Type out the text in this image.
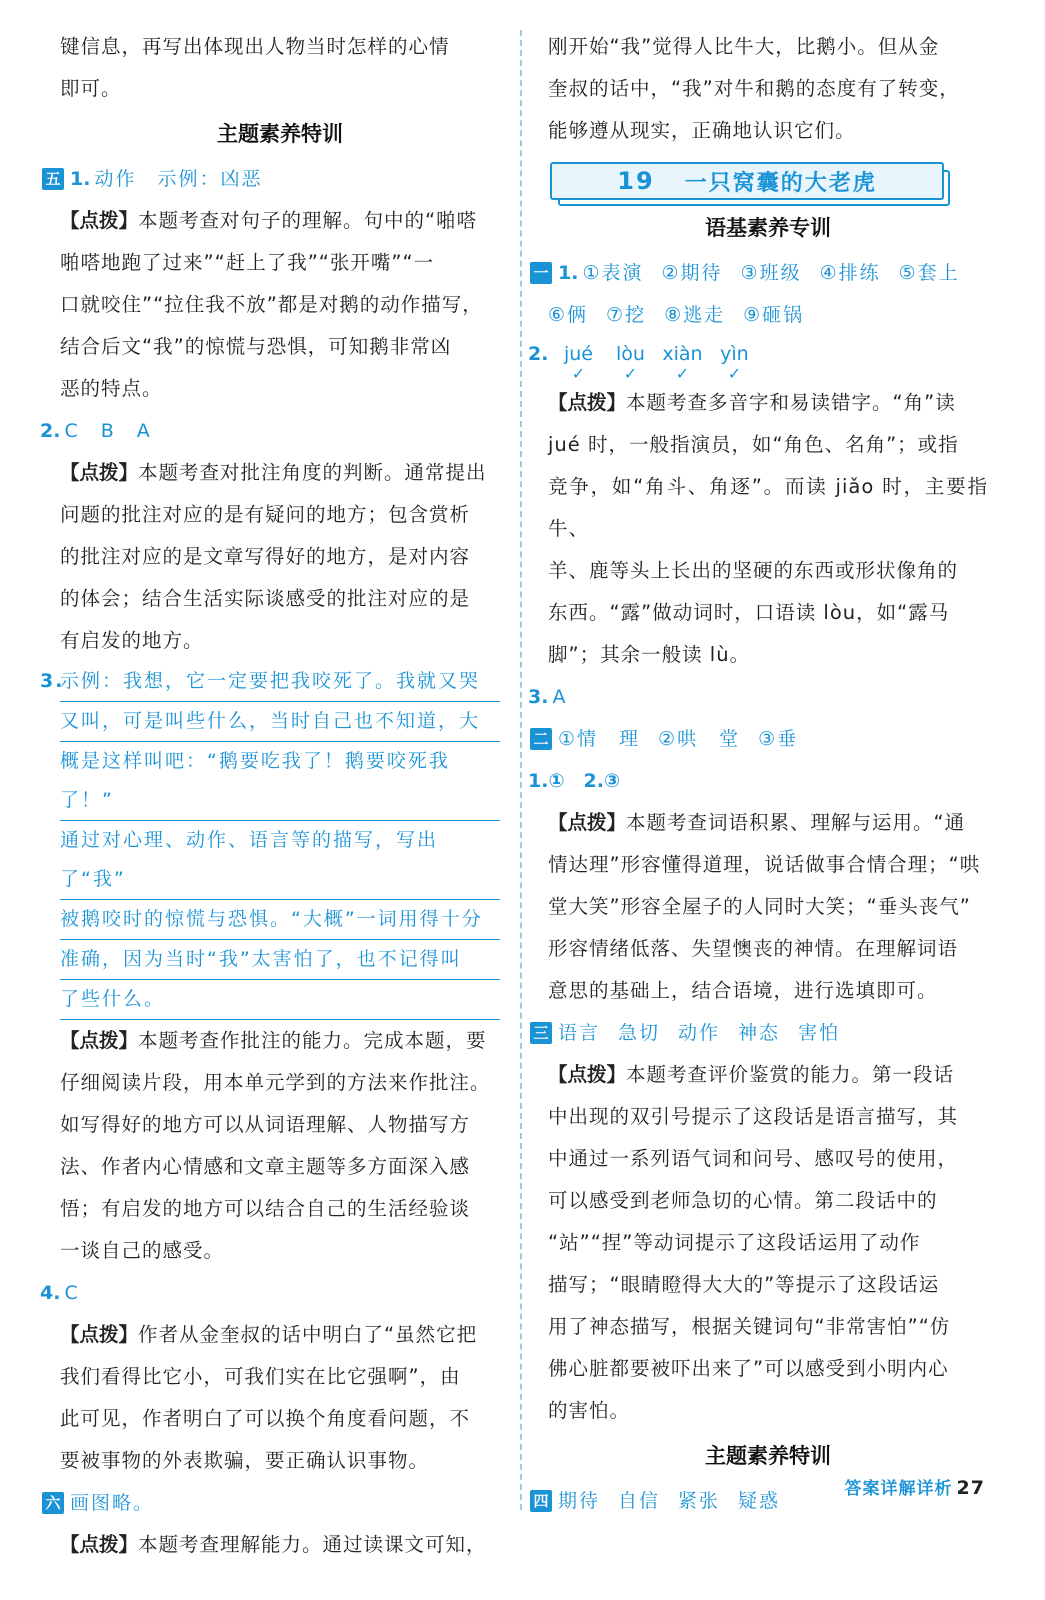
键信息，再写出体现出人物当时怎样的心情
即可。
主题素养特训
五 1. 动作　示例：凶恶
【点拨】本题考查对句子的理解。句中的“啪嗒
啪嗒地跑了过来”“赶上了我”“张开嘴”“一
口就咬住”“拉住我不放”都是对鹅的动作描写，
结合后文“我”的惊慌与恐惧，可知鹅非常凶
恶的特点。
2. C　B　A
【点拨】本题考查对批注角度的判断。通常提出
问题的批注对应的是有疑问的地方；包含赏析
的批注对应的是文章写得好的地方，是对内容
的体会；结合生活实际谈感受的批注对应的是
有启发的地方。
3.
示例：我想，它一定要把我咬死了。我就又哭
又叫，可是叫些什么，当时自己也不知道，大
概是这样叫吧：“鹅要吃我了！鹅要咬死我了！”
通过对心理、动作、语言等的描写，写出了“我”
被鹅咬时的惊慌与恐惧。“大概”一词用得十分
准确，因为当时“我”太害怕了，也不记得叫
了些什么。
【点拨】本题考查作批注的能力。完成本题，要
仔细阅读片段，用本单元学到的方法来作批注。
如写得好的地方可以从词语理解、人物描写方
法、作者内心情感和文章主题等多方面深入感
悟；有启发的地方可以结合自己的生活经验谈
一谈自己的感受。
4. C
【点拨】作者从金奎叔的话中明白了“虽然它把
我们看得比它小，可我们实在比它强啊”，由
此可见，作者明白了可以换个角度看问题，不
要被事物的外表欺骗，要正确认识事物。
六 画图略。
【点拨】本题考查理解能力。通过读课文可知，
刚开始“我”觉得人比牛大，比鹅小。但从金
奎叔的话中，“我”对牛和鹅的态度有了转变，
能够遵从现实，正确地认识它们。
19 一只窝囊的大老虎
语基素养专训
一 1. ①表演 ②期待 ③班级 ④排练 ⑤套上
⑥俩 ⑦挖 ⑧逃走 ⑨砸锅
2. jué
✓
lòu
✓
xiàn
✓
yìn
✓
【点拨】本题考查多音字和易读错字。“角”读
jué 时，一般指演员，如“角色、名角”；或指
竞争，如“角斗、角逐”。而读 jiǎo 时，主要指牛、
羊、鹿等头上长出的坚硬的东西或形状像角的
东西。“露”做动词时，口语读 lòu，如“露马
脚”；其余一般读 lù。
3. A
二 ①情　理 ②哄　堂 ③垂
1.①　2.③
【点拨】本题考查词语积累、理解与运用。“通
情达理”形容懂得道理，说话做事合情合理；“哄
堂大笑”形容全屋子的人同时大笑；“垂头丧气”
形容情绪低落、失望懊丧的神情。在理解词语
意思的基础上，结合语境，进行选填即可。
三 语言 急切 动作 神态 害怕
【点拨】本题考查评价鉴赏的能力。第一段话
中出现的双引号提示了这段话是语言描写，其
中通过一系列语气词和问号、感叹号的使用，
可以感受到老师急切的心情。第二段话中的
“站”“捏”等动词提示了这段话运用了动作
描写；“眼睛瞪得大大的”等提示了这段话运
用了神态描写，根据关键词句“非常害怕”“仿
佛心脏都要被吓出来了”可以感受到小明内心
的害怕。
主题素养特训
四 期待 自信 紧张 疑惑
答案详解详析 27
